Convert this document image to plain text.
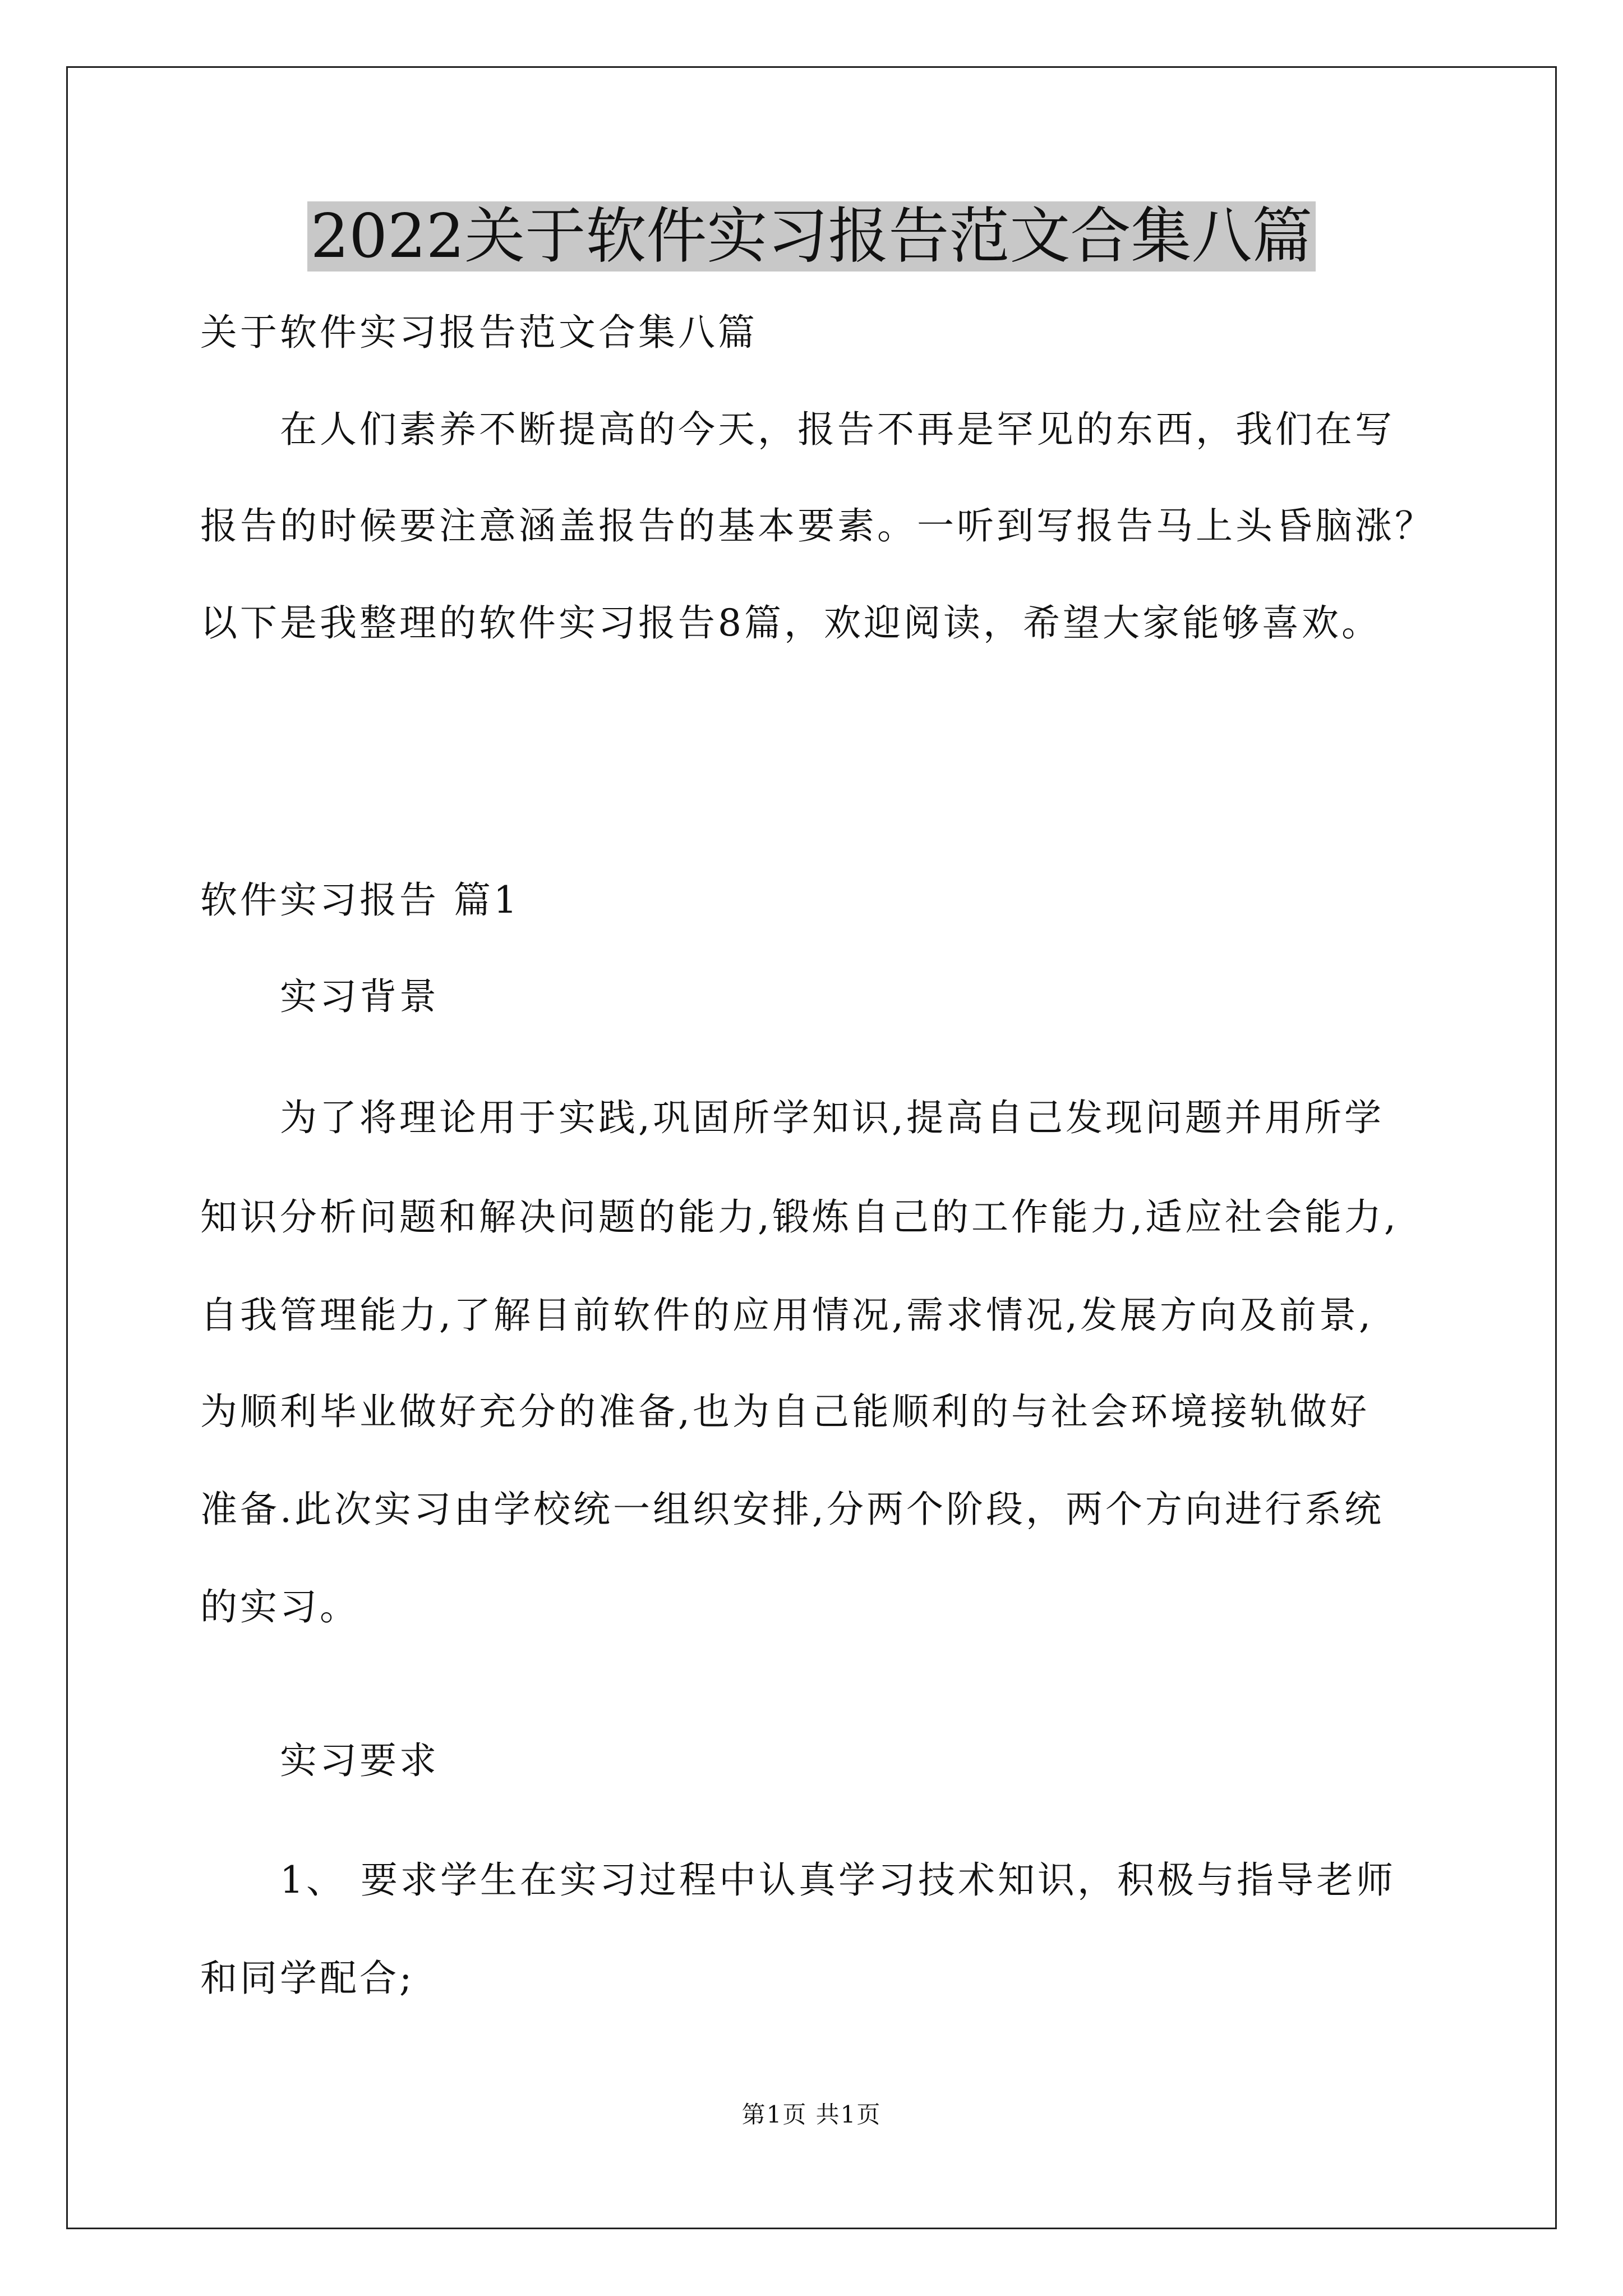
2022关于软件实习报告范文合集八篇
关于软件实习报告范文合集八篇
在人们素养不断提高的今天，报告不再是罕见的东西，我们在写
报告的时候要注意涵盖报告的基本要素。一听到写报告马上头昏脑涨？
以下是我整理的软件实习报告8篇，欢迎阅读，希望大家能够喜欢。
软件实习报告 篇1
实习背景
为了将理论用于实践,巩固所学知识,提高自己发现问题并用所学
知识分析问题和解决问题的能力,锻炼自己的工作能力,适应社会能力,
自我管理能力,了解目前软件的应用情况,需求情况,发展方向及前景,
为顺利毕业做好充分的准备,也为自己能顺利的与社会环境接轨做好
准备.此次实习由学校统一组织安排,分两个阶段，两个方向进行系统
的实习。
实习要求
1、 要求学生在实习过程中认真学习技术知识，积极与指导老师
和同学配合;
第1页 共1页
